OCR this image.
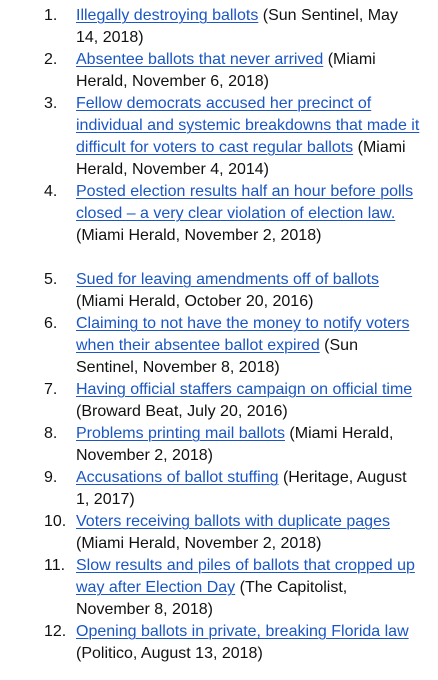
1. Illegally destroying ballots (Sun Sentinel, May 14, 2018)
2. Absentee ballots that never arrived (Miami Herald, November 6, 2018)
3. Fellow democrats accused her precinct of individual and systemic breakdowns that made it difficult for voters to cast regular ballots (Miami Herald, November 4, 2014)
4. Posted election results half an hour before polls closed – a very clear violation of election law. (Miami Herald, November 2, 2018)
5. Sued for leaving amendments off of ballots (Miami Herald, October 20, 2016)
6. Claiming to not have the money to notify voters when their absentee ballot expired (Sun Sentinel, November 8, 2018)
7. Having official staffers campaign on official time (Broward Beat, July 20, 2016)
8. Problems printing mail ballots (Miami Herald, November 2, 2018)
9. Accusations of ballot stuffing (Heritage, August 1, 2017)
10. Voters receiving ballots with duplicate pages (Miami Herald, November 2, 2018)
11. Slow results and piles of ballots that cropped up way after Election Day (The Capitolist, November 8, 2018)
12. Opening ballots in private, breaking Florida law (Politico, August 13, 2018)
